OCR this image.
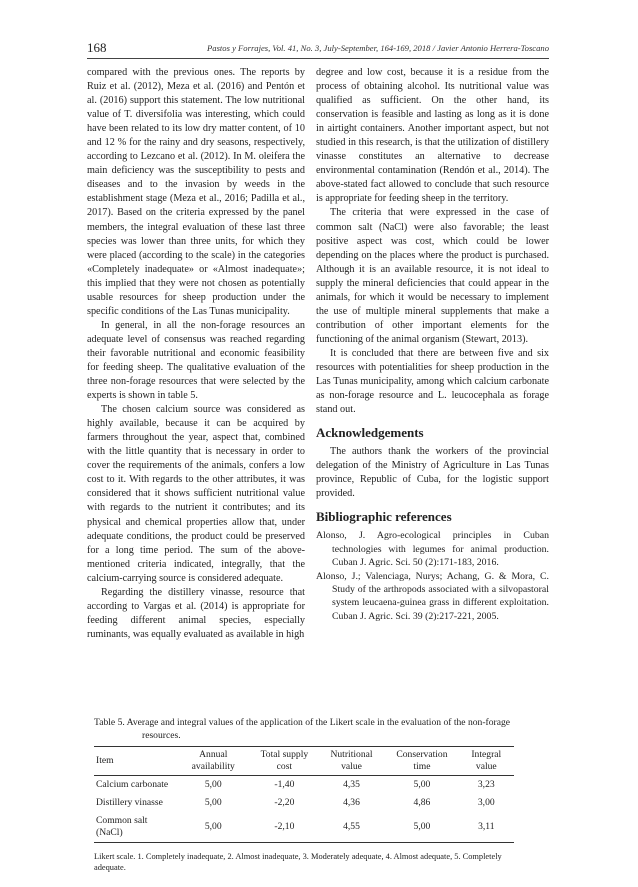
168	Pastos y Forrajes, Vol. 41, No. 3, July-September, 164-169, 2018 / Javier Antonio Herrera-Toscano

compared with the previous ones. The reports by Ruiz et al. (2012), Meza et al. (2016) and Pentón et al. (2016) support this statement. The low nutritional value of T. diversifolia was interesting, which could have been related to its low dry matter content, of 10 and 12 % for the rainy and dry seasons, respectively, according to Lezcano et al. (2012). In M. oleifera the main deficiency was the susceptibility to pests and diseases and to the invasion by weeds in the establishment stage (Meza et al., 2016; Padilla et al., 2017). Based on the criteria expressed by the panel members, the integral evaluation of these last three species was lower than three units, for which they were placed (according to the scale) in the categories «Completely inadequate» or «Almost inadequate»; this implied that they were not chosen as potentially usable resources for sheep production under the specific conditions of the Las Tunas municipality.

In general, in all the non-forage resources an adequate level of consensus was reached regarding their favorable nutritional and economic feasibility for feeding sheep. The qualitative evaluation of the three non-forage resources that were selected by the experts is shown in table 5.

The chosen calcium source was considered as highly available, because it can be acquired by farmers throughout the year, aspect that, combined with the little quantity that is necessary in order to cover the requirements of the animals, confers a low cost to it. With regards to the other attributes, it was considered that it shows sufficient nutritional value with regards to the nutrient it contributes; and its physical and chemical properties allow that, under adequate conditions, the product could be preserved for a long time period. The sum of the above-mentioned criteria indicated, integrally, that the calcium-carrying source is considered adequate.

Regarding the distillery vinasse, resource that according to Vargas et al. (2014) is appropriate for feeding different animal species, especially ruminants, was equally evaluated as available in high

degree and low cost, because it is a residue from the process of obtaining alcohol. Its nutritional value was qualified as sufficient. On the other hand, its conservation is feasible and lasting as long as it is done in airtight containers. Another important aspect, but not studied in this research, is that the utilization of distillery vinasse constitutes an alternative to decrease environmental contamination (Rendón et al., 2014). The above-stated fact allowed to conclude that such resource is appropriate for feeding sheep in the territory.

The criteria that were expressed in the case of common salt (NaCl) were also favorable; the least positive aspect was cost, which could be lower depending on the places where the product is purchased. Although it is an available resource, it is not ideal to supply the mineral deficiencies that could appear in the animals, for which it would be necessary to implement the use of multiple mineral supplements that make a contribution of other important elements for the functioning of the animal organism (Stewart, 2013).

It is concluded that there are between five and six resources with potentialities for sheep production in the Las Tunas municipality, among which calcium carbonate as non-forage resource and L. leucocephala as forage stand out.

Acknowledgements

The authors thank the workers of the provincial delegation of the Ministry of Agriculture in Las Tunas province, Republic of Cuba, for the logistic support provided.

Bibliographic references

Alonso, J. Agro-ecological principles in Cuban technologies with legumes for animal production. Cuban J. Agric. Sci. 50 (2):171-183, 2016.

Alonso, J.; Valenciaga, Nurys; Achang, G. & Mora, C. Study of the arthropods associated with a silvopastoral system leucaena-guinea grass in different exploitation. Cuban J. Agric. Sci. 39 (2):217-221, 2005.

Table 5. Average and integral values of the application of the Likert scale in the evaluation of the non-forage resources.
Item	Annual availability	Total supply cost	Nutritional value	Conservation time	Integral value
Calcium carbonate	5,00	-1,40	4,35	5,00	3,23
Distillery vinasse	5,00	-2,20	4,36	4,86	3,00
Common salt (NaCl)	5,00	-2,10	4,55	5,00	3,11
Likert scale. 1. Completely inadequate, 2. Almost inadequate, 3. Moderately adequate, 4. Almost adequate, 5. Completely adequate.
